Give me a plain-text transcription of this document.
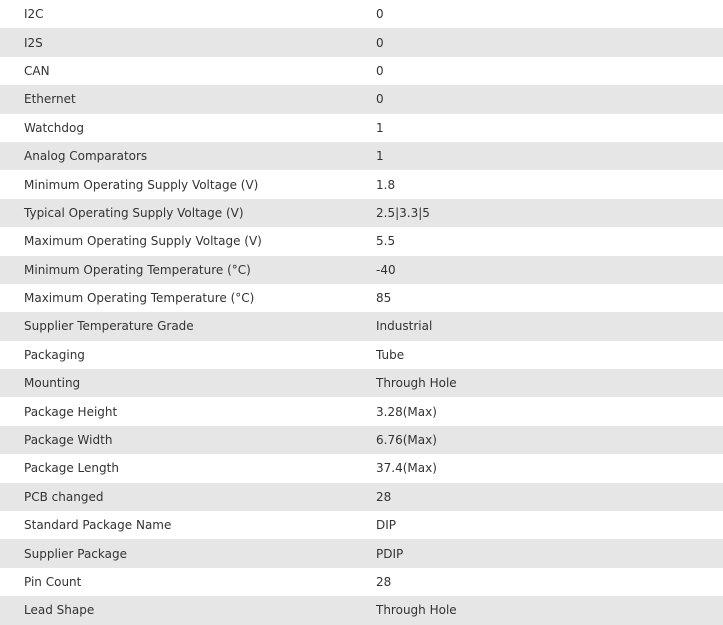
I2C	0
I2S	0
CAN	0
Ethernet	0
Watchdog	1
Analog Comparators	1
Minimum Operating Supply Voltage (V)	1.8
Typical Operating Supply Voltage (V)	2.5|3.3|5
Maximum Operating Supply Voltage (V)	5.5
Minimum Operating Temperature (°C)	-40
Maximum Operating Temperature (°C)	85
Supplier Temperature Grade	Industrial
Packaging	Tube
Mounting	Through Hole
Package Height	3.28(Max)
Package Width	6.76(Max)
Package Length	37.4(Max)
PCB changed	28
Standard Package Name	DIP
Supplier Package	PDIP
Pin Count	28
Lead Shape	Through Hole
